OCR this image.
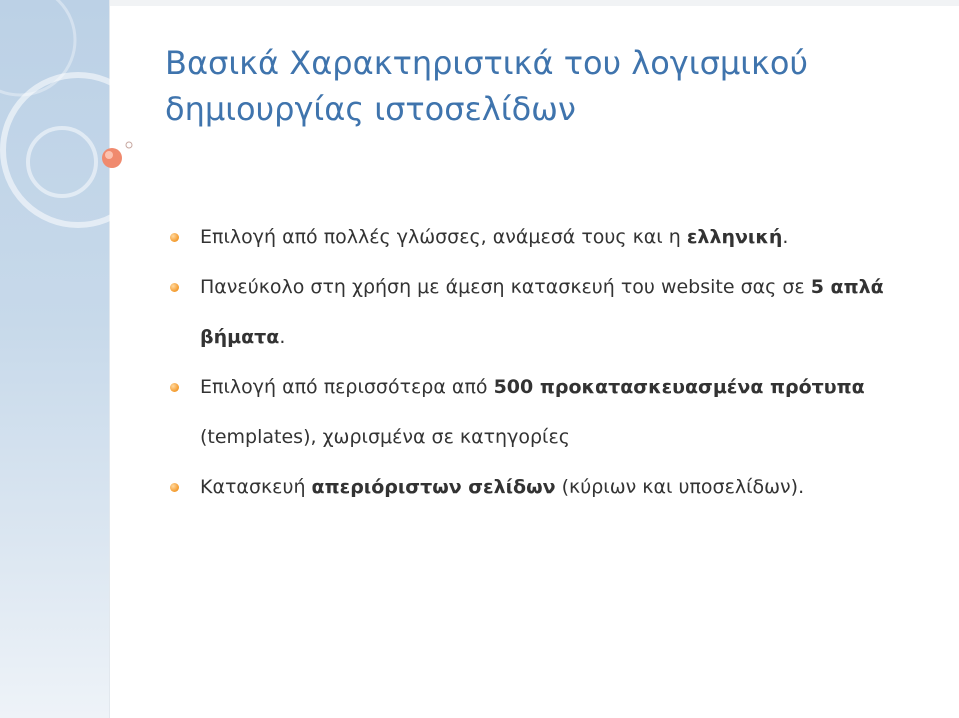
Βασικά Χαρακτηριστικά του λογισμικού δημιουργίας ιστοσελίδων
Επιλογή από πολλές γλώσσες, ανάμεσά τους και η ελληνική.
Πανεύκολο στη χρήση με άμεση κατασκευή του website σας σε 5 απλά βήματα.
Επιλογή από περισσότερα από 500 προκατασκευασμένα πρότυπα (templates), χωρισμένα σε κατηγορίες
Κατασκευή απεριόριστων σελίδων (κύριων και υποσελίδων).
